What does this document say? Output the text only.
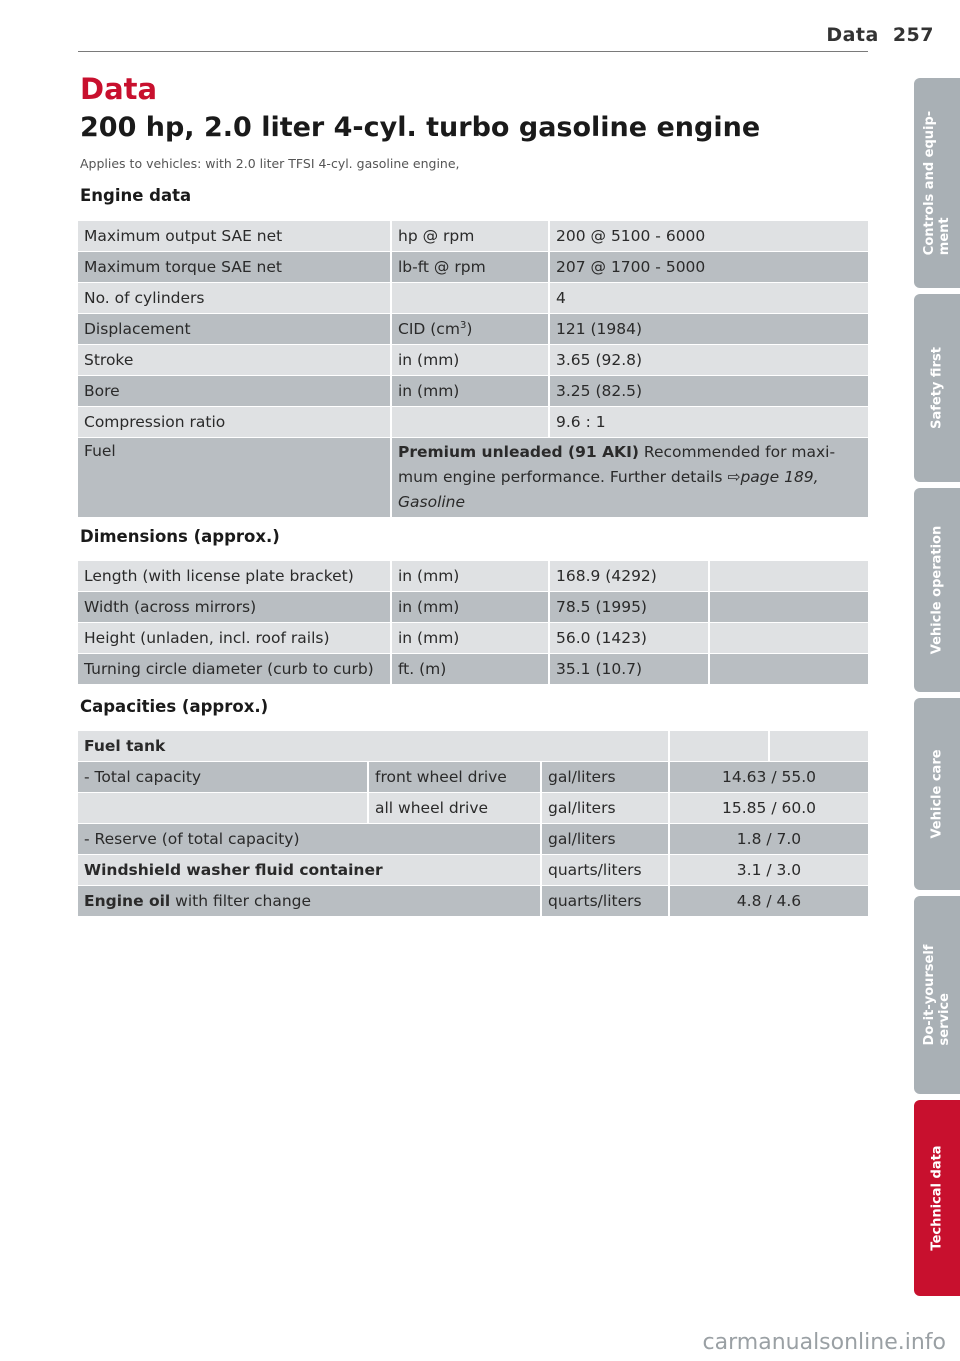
Data 257
Data
200 hp, 2.0 liter 4-cyl. turbo gasoline engine
Applies to vehicles: with 2.0 liter TFSI 4-cyl. gasoline engine,
Engine data
Maximum output SAE net	hp @ rpm	200 @ 5100 - 6000
Maximum torque SAE net	lb-ft @ rpm	207 @ 1700 - 5000
No. of cylinders		4
Displacement	CID $(cm^3)$	121 (1984)
Stroke	in (mm)	3.65 (92.8)
Bore	in (mm)	3.25 (82.5)
Compression ratio		9.6 : 1
Fuel	Premium unleaded (91 AKI) Recommended for maxi-mum engine performance. Further details ⇨page 189, Gasoline	
Dimensions (approx.)
Length (with license plate bracket)	in (mm)	168.9 (4292)	
Width (across mirrors)	in (mm)	78.5 (1995)	
Height (unladen, incl. roof rails)	in (mm)	56.0 (1423)	
Turning circle diameter (curb to curb)	ft. (m)	35.1 (10.7)	
Capacities (approx.)
Fuel tank				
- Total capacity	front wheel drive	gal/liters	14.63 / 55.0	
	all wheel drive	gal/liters	15.85 / 60.0	
- Reserve (of total capacity)		gal/liters	1.8 / 7.0	
Windshield washer fluid container		quarts/liters	3.1 / 3.0	
Engine oil with filter change		quarts/liters	4.8 / 4.6	
Controls and equip-
ment
Safety first
Vehicle operation
Vehicle care
Do-it-yourself
service
Technical data
carmanualsonline.info
